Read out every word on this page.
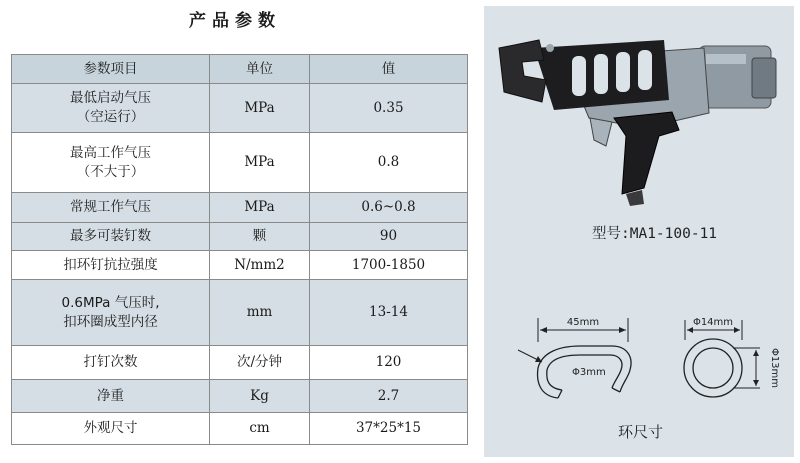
产品参数
参数项目	单位	值

最低启动气压
（空运行）	MPa	0.35

最高工作气压
（不大于）	MPa	0.8

常规工作气压	MPa	0.6~0.8

最多可装钉数	颗	90

扣环钉抗拉强度	N/mm2	1700-1850

0.6MPa 气压时,
扣环圈成型内径	mm	13-14

打钉次数	次/分钟	120

净重	Kg	2.7

外观尺寸	cm	37*25*15
型号:MA1-100-11
45mm
Φ3mm
Φ14mm
Φ13mm
环尺寸
